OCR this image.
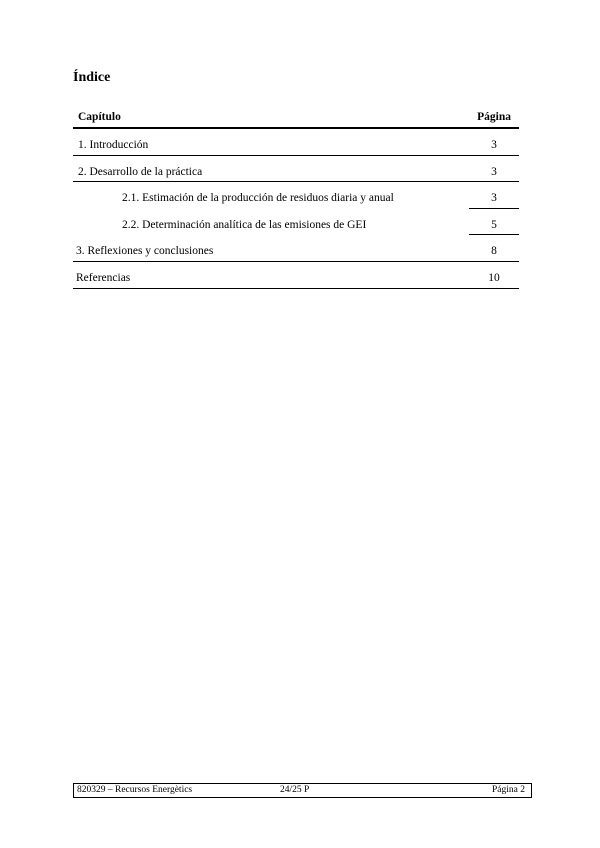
Índice
Capítulo	Página
1. Introducción	3
2. Desarrollo de la práctica	3
2.1. Estimación de la producción de residuos diaria y anual	3
2.2. Determinación analítica de las emisiones de GEI	5
3. Reflexiones y conclusiones	8
Referencias	10
820329 – Recursos Energètics	24/25 P	Página 2
